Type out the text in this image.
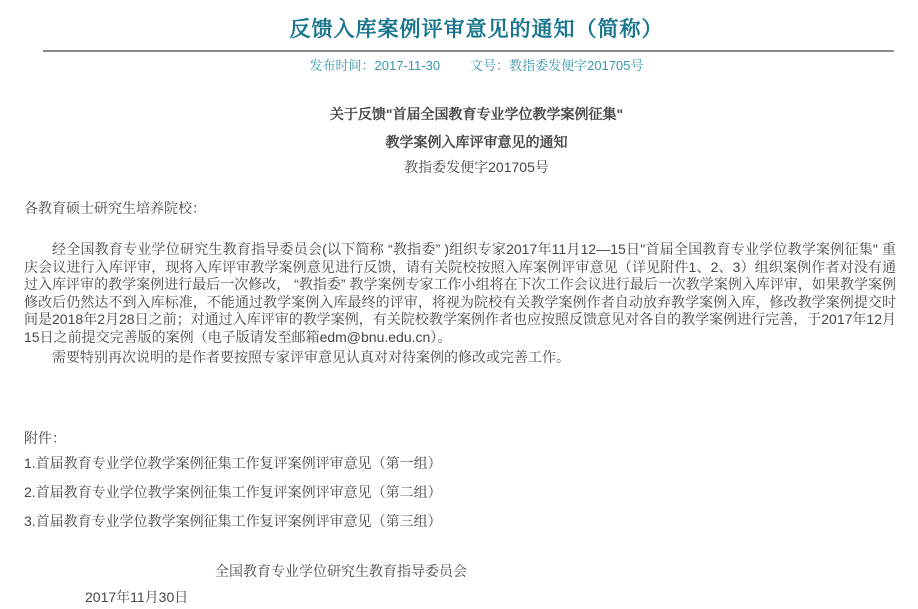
反馈入库案例评审意见的通知（简称）
发布时间：2017-11-30 文号：教指委发便字201705号
关于反馈"首届全国教育专业学位教学案例征集"
教学案例入库评审意见的通知
教指委发便字201705号
各教育硕士研究生培养院校：

经全国教育专业学位研究生教育指导委员会(以下简称 “教指委” )组织专家2017年11月12—15日"首届全国教育专业学位教学案例征集" 重庆会议进行入库评审，现将入库评审教学案例意见进行反馈，请有关院校按照入库案例评审意见（详见附件1、2、3）组织案例作者对没有通过入库评审的教学案例进行最后一次修改， “教指委” 教学案例专家工作小组将在下次工作会议进行最后一次教学案例入库评审，如果教学案例修改后仍然达不到入库标准，不能通过教学案例入库最终的评审，将视为院校有关教学案例作者自动放弃教学案例入库，修改教学案例提交时间是2018年2月28日之前；对通过入库评审的教学案例，有关院校教学案例作者也应按照反馈意见对各自的教学案例进行完善，于2017年12月15日之前提交完善版的案例（电子版请发至邮箱edm@bnu.edu.cn）。

需要特别再次说明的是作者要按照专家评审意见认真对对待案例的修改或完善工作。

附件：
1.首届教育专业学位教学案例征集工作复评案例评审意见（第一组）
2.首届教育专业学位教学案例征集工作复评案例评审意见（第二组）
3.首届教育专业学位教学案例征集工作复评案例评审意见（第三组）
全国教育专业学位研究生教育指导委员会
2017年11月30日
